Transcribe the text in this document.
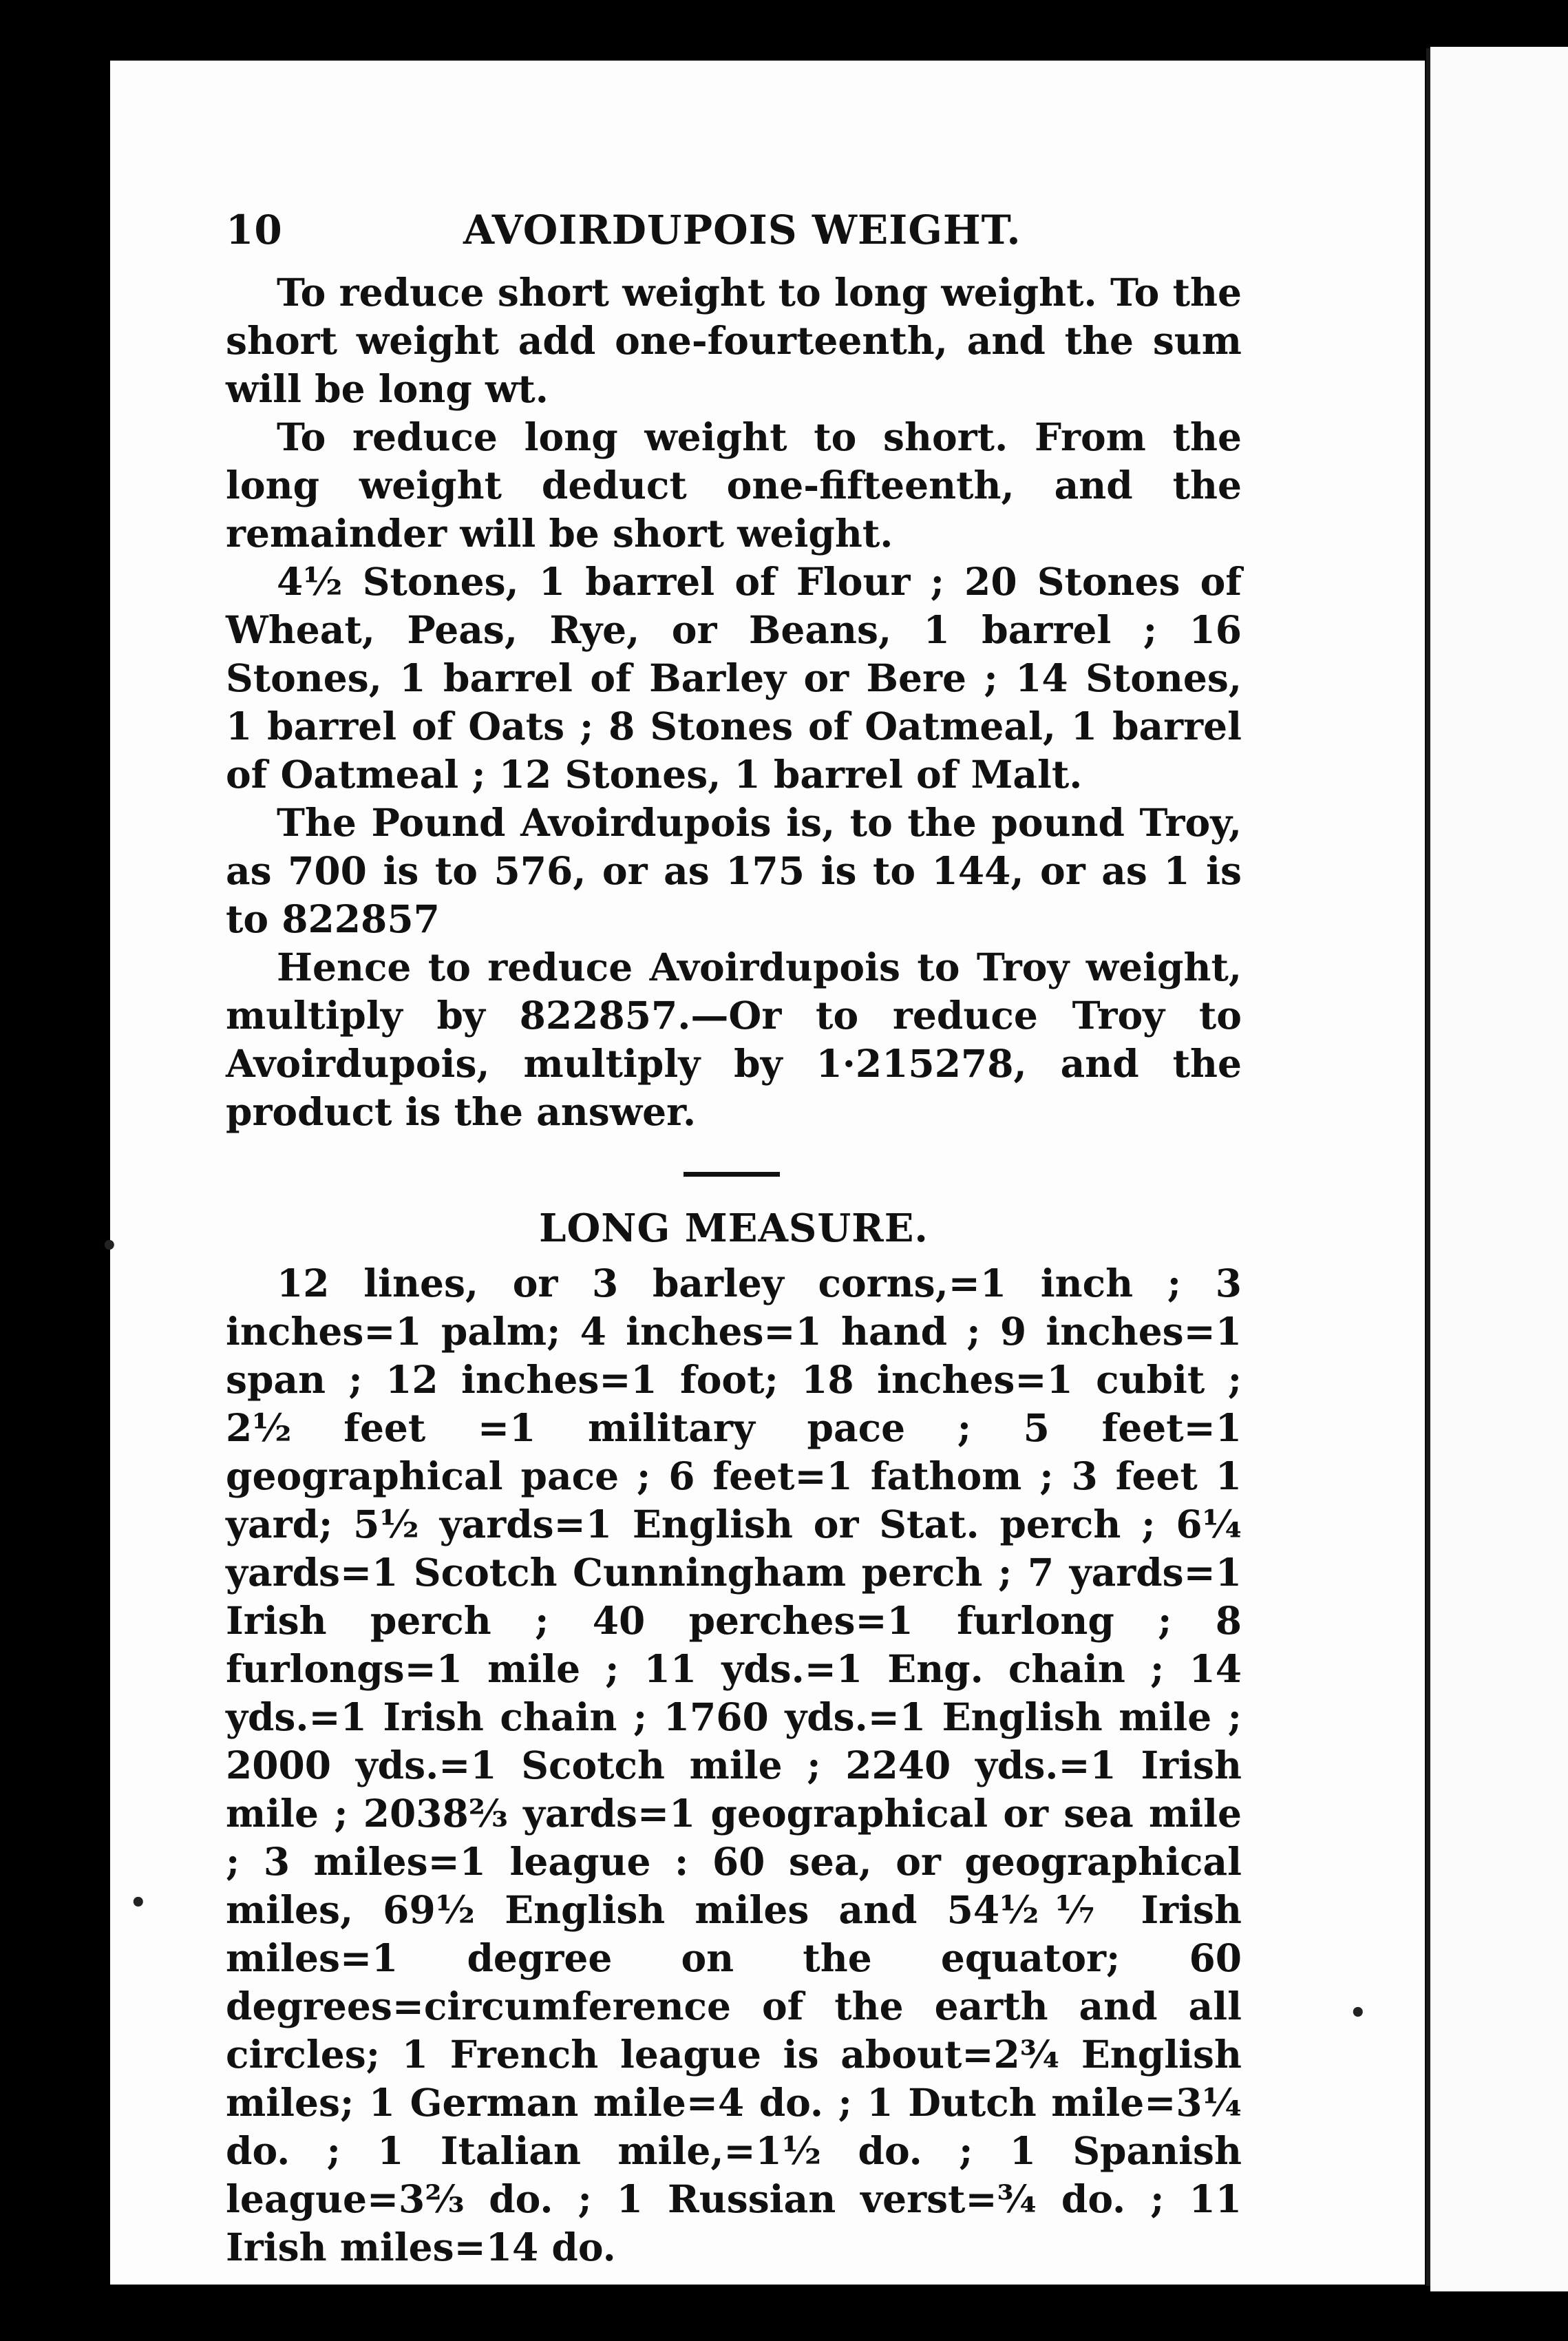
•
•
•
10	AVOIRDUPOIS WEIGHT.

To reduce short weight to long weight. To the short weight add one-fourteenth, and the sum will be long wt.

To reduce long weight to short. From the long weight deduct one-fifteenth, and the remainder will be short weight.

4½ Stones, 1 barrel of Flour ; 20 Stones of Wheat, Peas, Rye, or Beans, 1 barrel ; 16 Stones, 1 barrel of Barley or Bere ; 14 Stones, 1 barrel of Oats ; 8 Stones of Oatmeal, 1 barrel of Oatmeal ; 12 Stones, 1 barrel of Malt.

The Pound Avoirdupois is, to the pound Troy, as 700 is to 576, or as 175 is to 144, or as 1 is to 822857

Hence to reduce Avoirdupois to Troy weight, multiply by 822857.—Or to reduce Troy to Avoirdupois, multiply by 1·215278, and the product is the answer.

LONG MEASURE.

12 lines, or 3 barley corns,=1 inch ; 3 inches=1 palm; 4 inches=1 hand ; 9 inches=1 span ; 12 inches=1 foot; 18 inches=1 cubit ; 2½ feet =1 military pace ; 5 feet=1 geographical pace ; 6 feet=1 fathom ; 3 feet 1 yard; 5½ yards=1 English or Stat. perch ; 6¼ yards=1 Scotch Cunningham perch ; 7 yards=1 Irish perch ; 40 perches=1 furlong ; 8 furlongs=1 mile ; 11 yds.=1 Eng. chain ; 14 yds.=1 Irish chain ; 1760 yds.=1 English mile ; 2000 yds.=1 Scotch mile ; 2240 yds.=1 Irish mile ; 2038⅔ yards=1 geographical or sea mile ; 3 miles=1 league : 60 sea, or geographical miles, 69½ English miles and 54½⅐ Irish miles=1 degree on the equator; 60 degrees=circumference of the earth and all circles; 1 French league is about=2¾ English miles; 1 German mile=4 do. ; 1 Dutch mile=3¼ do. ; 1 Italian mile,=1½ do. ; 1 Spanish league=3⅔ do. ; 1 Russian verst=¾ do. ; 11 Irish miles=14 do.
